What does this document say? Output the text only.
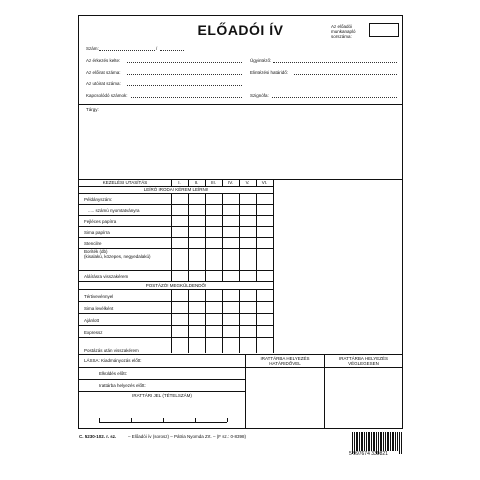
ELŐADÓI ÍV	Az előadói munkanapló sorszáma:
Szám:	/
Az érkezés kelte:
Az előirat száma:
Az utóirat száma:
Kapcsolódó számok:
Ügyintéző:
Elintézési határidő:
Szignófa:
Tárgy:
KEZELÉSI UTASÍTÁS	I.	II.	III.	IV.	V.	VI.
LEÍRÓ IRODA! KÉREM LEÍRNI!
Példányszám:
..... számú nyomtatványra
Fejléces papírra
Sima papírra
Stencilre
Boríték (db)
(kisalakú, közepes, negyedalakú)
Aláírásra visszakérem
POSTÁZÓ! MEGKÜLDENDŐ!
Tértivevénnyel
Sima levélként
Ajánlott
Expressz
Postázás után visszakérem
LÁSSA: Kiadmányozás előtt:
Elküldés előtt:
Irattárba helyezés előtt:
IRATTÁRI JEL (TÉTELSZÁM)
IRATTÁRBA HELYEZÉS HATÁRIDŐVEL
IRATTÁRBA HELYEZÉS VÉGLEGESEN
C. 5230-102. r. sz.	– Előadói ív (sorosz) – Pátria Nyomda Zrt. – (F sz.: 0-8398)
5 997674 330821
